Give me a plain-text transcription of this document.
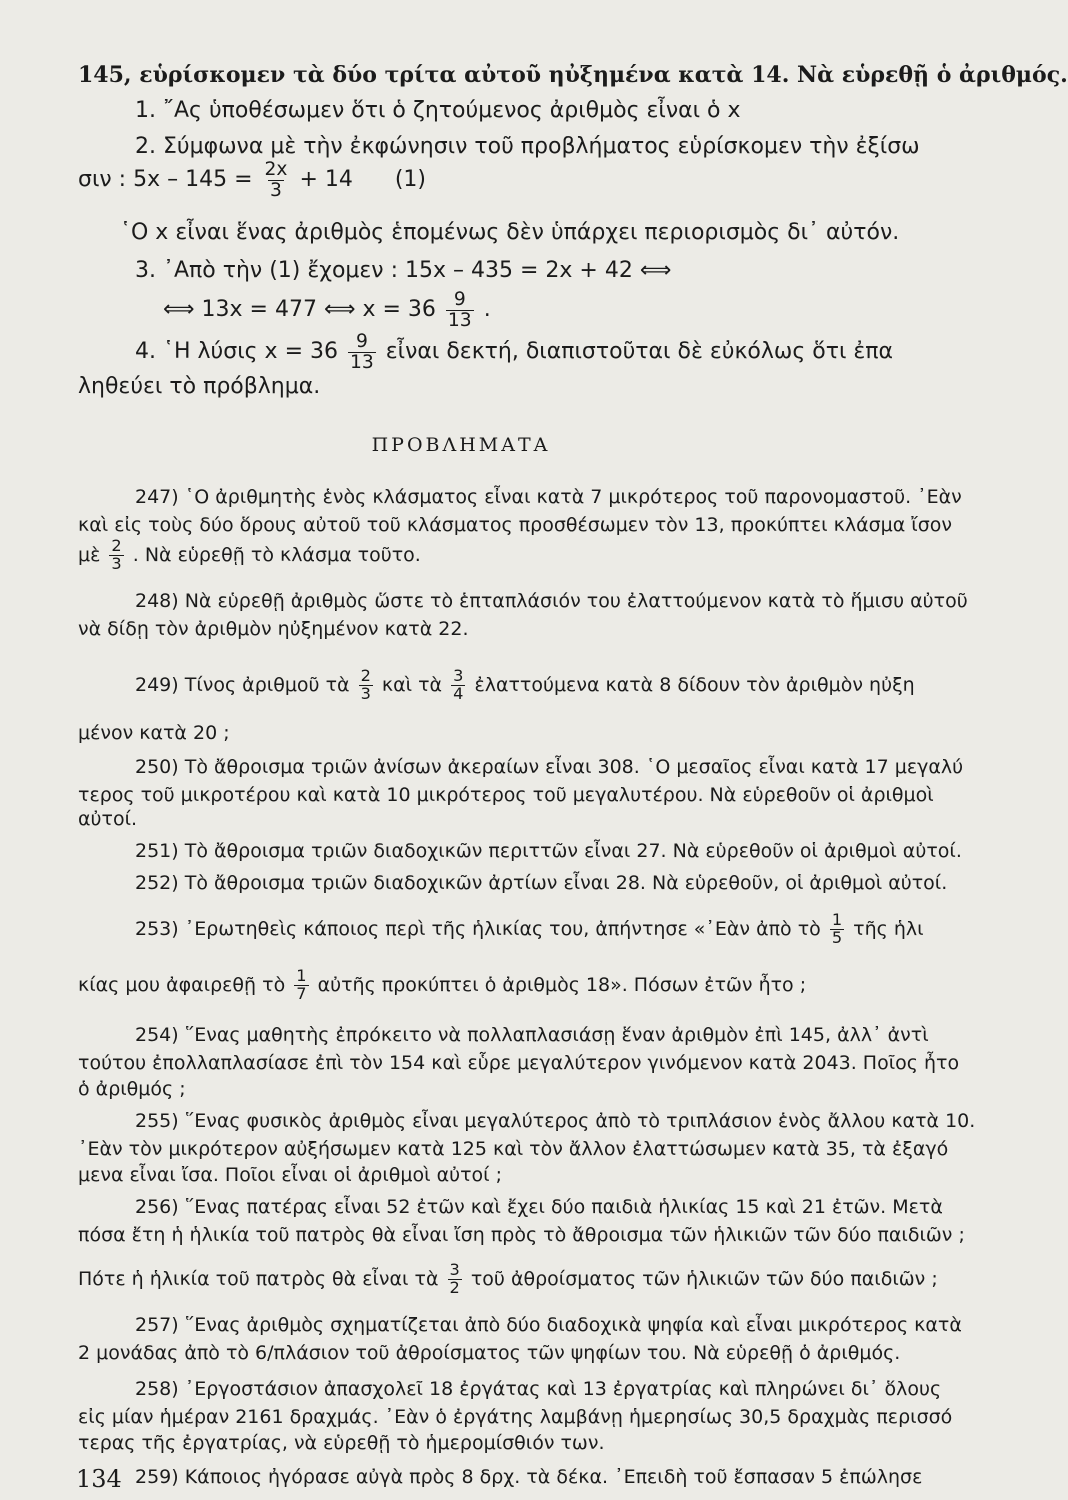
145, εὑρίσκομεν τὰ δύο τρίτα αὐτοῦ ηὐξημένα κατὰ 14. Νὰ εὑρεθῇ ὁ ἀριθμός.
1. ῎Ας ὑποθέσωμεν ὅτι ὁ ζητούμενος ἀριθμὸς εἶναι ὁ x
2. Σύμφωνα μὲ τὴν ἐκφώνησιν τοῦ προβλήματος εὑρίσκομεν τὴν ἐξίσω
σιν : $5x - 145 = \frac{2x}{3} + 14$      (1)
῾Ο x εἶναι ἕνας ἀριθμὸς ἑπομένως δὲν ὑπάρχει περιορισμὸς δι᾿ αὐτόν.
3. ᾿Απὸ τὴν (1) ἔχομεν : 15x – 435 = 2x + 42 ⟺
⟺ 13x = 477 ⟺ $x = 36 \frac{9}{13}$ .
4. ῾Η λύσις $x = 36 \frac{9}{13}$ εἶναι δεκτή, διαπιστοῦται δὲ εὐκόλως ὅτι ἐπα
ληθεύει τὸ πρόβλημα.
ΠΡΟΒΛΗΜΑΤΑ
247) ῾Ο ἀριθμητὴς ἑνὸς κλάσματος εἶναι κατὰ 7 μικρότερος τοῦ παρονομαστοῦ. ᾿Εὰν
καὶ εἰς τοὺς δύο ὅρους αὐτοῦ τοῦ κλάσματος προσθέσωμεν τὸν 13, προκύπτει κλάσμα ἴσον
μὲ $\frac{2}{3}$ . Νὰ εὑρεθῇ τὸ κλάσμα τοῦτο.
248) Νὰ εὑρεθῇ ἀριθμὸς ὥστε τὸ ἑπταπλάσιόν του ἐλαττούμενον κατὰ τὸ ἥμισυ αὐτοῦ
νὰ δίδῃ τὸν ἀριθμὸν ηὐξημένον κατὰ 22.
249) Τίνος ἀριθμοῦ τὰ $\frac{2}{3}$ καὶ τὰ $\frac{3}{4}$ ἐλαττούμενα κατὰ 8 δίδουν τὸν ἀριθμὸν ηὐξη
μένον κατὰ 20 ;
250) Τὸ ἄθροισμα τριῶν ἀνίσων ἀκεραίων εἶναι 308. ῾Ο μεσαῖος εἶναι κατὰ 17 μεγαλύ
τερος τοῦ μικροτέρου καὶ κατὰ 10 μικρότερος τοῦ μεγαλυτέρου. Νὰ εὑρεθοῦν οἱ ἀριθμοὶ
αὐτοί.
251) Τὸ ἄθροισμα τριῶν διαδοχικῶν περιττῶν εἶναι 27. Νὰ εὑρεθοῦν οἱ ἀριθμοὶ αὐτοί.
252) Τὸ ἄθροισμα τριῶν διαδοχικῶν ἀρτίων εἶναι 28. Νὰ εὑρεθοῦν, οἱ ἀριθμοὶ αὐτοί.
253) ᾿Ερωτηθεὶς κάποιος περὶ τῆς ἡλικίας του, ἀπήντησε «᾿Εὰν ἀπὸ τὸ $\frac{1}{5}$ τῆς ἡλι
κίας μου ἀφαιρεθῇ τὸ $\frac{1}{7}$ αὐτῆς προκύπτει ὁ ἀριθμὸς 18». Πόσων ἐτῶν ἦτο ;
254) ῞Ενας μαθητὴς ἐπρόκειτο νὰ πολλαπλασιάσῃ ἕναν ἀριθμὸν ἐπὶ 145, ἀλλ᾿ ἀντὶ
τούτου ἐπολλαπλασίασε ἐπὶ τὸν 154 καὶ εὗρε μεγαλύτερον γινόμενον κατὰ 2043. Ποῖος ἦτο
ὁ ἀριθμός ;
255) ῞Ενας φυσικὸς ἀριθμὸς εἶναι μεγαλύτερος ἀπὸ τὸ τριπλάσιον ἑνὸς ἄλλου κατὰ 10.
᾿Εὰν τὸν μικρότερον αὐξήσωμεν κατὰ 125 καὶ τὸν ἄλλον ἐλαττώσωμεν κατὰ 35, τὰ ἐξαγό
μενα εἶναι ἴσα. Ποῖοι εἶναι οἱ ἀριθμοὶ αὐτοί ;
256) ῞Ενας πατέρας εἶναι 52 ἐτῶν καὶ ἔχει δύο παιδιὰ ἡλικίας 15 καὶ 21 ἐτῶν. Μετὰ
πόσα ἔτη ἡ ἡλικία τοῦ πατρὸς θὰ εἶναι ἴση πρὸς τὸ ἄθροισμα τῶν ἡλικιῶν τῶν δύο παιδιῶν ;
Πότε ἡ ἡλικία τοῦ πατρὸς θὰ εἶναι τὰ $\frac{3}{2}$ τοῦ ἀθροίσματος τῶν ἡλικιῶν τῶν δύο παιδιῶν ;
257) ῞Ενας ἀριθμὸς σχηματίζεται ἀπὸ δύο διαδοχικὰ ψηφία καὶ εἶναι μικρότερος κατὰ
2 μονάδας ἀπὸ τὸ 6/πλάσιον τοῦ ἀθροίσματος τῶν ψηφίων του. Νὰ εὑρεθῇ ὁ ἀριθμός.
258) ᾿Εργοστάσιον ἀπασχολεῖ 18 ἐργάτας καὶ 13 ἐργατρίας καὶ πληρώνει δι᾿ ὅλους
εἰς μίαν ἡμέραν 2161 δραχμάς. ᾿Εὰν ὁ ἐργάτης λαμβάνῃ ἡμερησίως 30,5 δραχμὰς περισσό
τερας τῆς ἐργατρίας, νὰ εὑρεθῇ τὸ ἡμερομίσθιόν των.
259) Κάποιος ἠγόρασε αὐγὰ πρὸς 8 δρχ. τὰ δέκα. ᾿Επειδὴ τοῦ ἔσπασαν 5 ἐπώλησε
134
